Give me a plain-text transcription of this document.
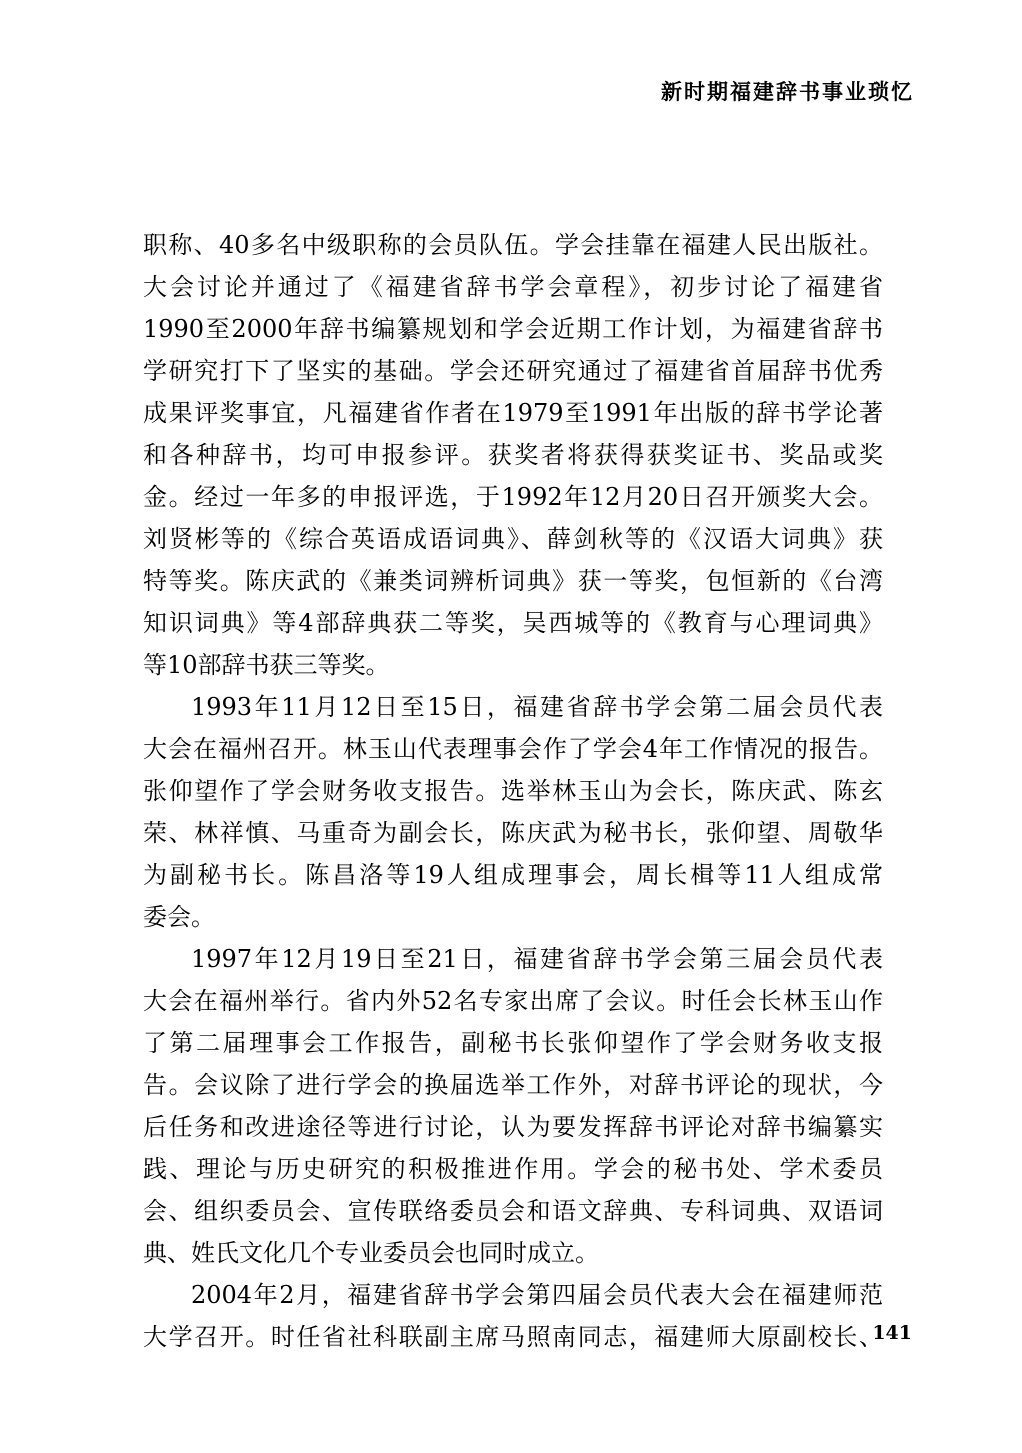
新时期福建辞书事业琐忆
职称、40多名中级职称的会员队伍。学会挂靠在福建人民出版社。
大会讨论并通过了《福建省辞书学会章程》，初步讨论了福建省
1990至2000年辞书编纂规划和学会近期工作计划，为福建省辞书
学研究打下了坚实的基础。学会还研究通过了福建省首届辞书优秀
成果评奖事宜，凡福建省作者在1979至1991年出版的辞书学论著
和各种辞书，均可申报参评。获奖者将获得获奖证书、奖品或奖
金。经过一年多的申报评选，于1992年12月20日召开颁奖大会。
刘贤彬等的《综合英语成语词典》、薛剑秋等的《汉语大词典》获
特等奖。陈庆武的《兼类词辨析词典》获一等奖，包恒新的《台湾
知识词典》等4部辞典获二等奖，吴西城等的《教育与心理词典》
等10部辞书获三等奖。
1993年11月12日至15日，福建省辞书学会第二届会员代表
大会在福州召开。林玉山代表理事会作了学会4年工作情况的报告。
张仰望作了学会财务收支报告。选举林玉山为会长，陈庆武、陈玄
荣、林祥慎、马重奇为副会长，陈庆武为秘书长，张仰望、周敬华
为副秘书长。陈昌洛等19人组成理事会，周长楫等11人组成常
委会。
1997年12月19日至21日，福建省辞书学会第三届会员代表
大会在福州举行。省内外52名专家出席了会议。时任会长林玉山作
了第二届理事会工作报告，副秘书长张仰望作了学会财务收支报
告。会议除了进行学会的换届选举工作外，对辞书评论的现状，今
后任务和改进途径等进行讨论，认为要发挥辞书评论对辞书编纂实
践、理论与历史研究的积极推进作用。学会的秘书处、学术委员
会、组织委员会、宣传联络委员会和语文辞典、专科词典、双语词
典、姓氏文化几个专业委员会也同时成立。
2004年2月，福建省辞书学会第四届会员代表大会在福建师范
大学召开。时任省社科联副主席马照南同志，福建师大原副校长、
141
